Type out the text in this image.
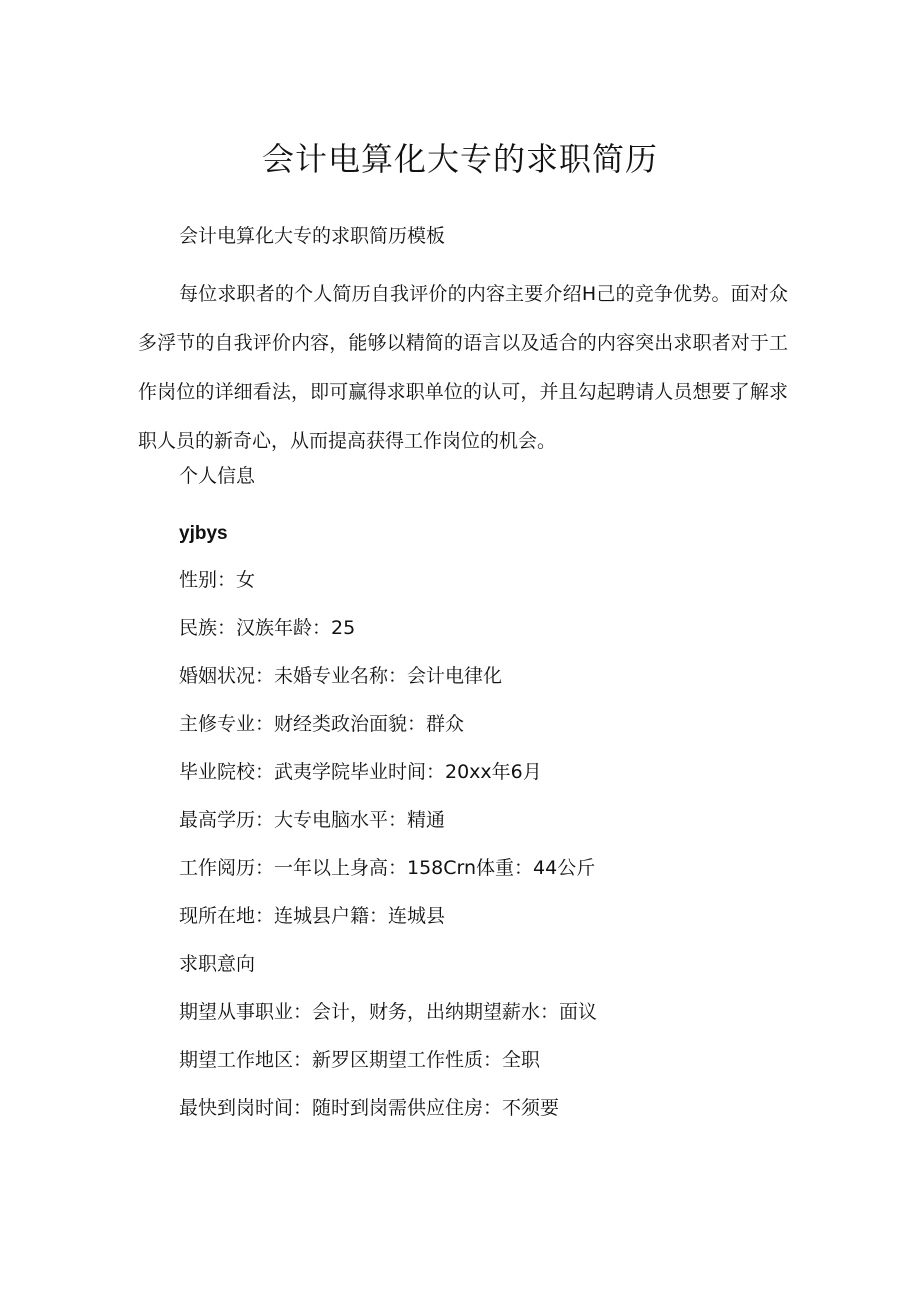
会计电算化大专的求职简历

会计电算化大专的求职简历模板

每位求职者的个人简历自我评价的内容主要介绍H己的竞争优势。面对众多浮节的自我评价内容，能够以精简的语言以及适合的内容突出求职者对于工作岗位的详细看法，即可赢得求职单位的认可，并且勾起聘请人员想要了解求职人员的新奇心，从而提高获得工作岗位的机会。

个人信息

yjbys

性别：女

民族：汉族年龄：25

婚姻状况：未婚专业名称：会计电律化

主修专业：财经类政治面貌：群众

毕业院校：武夷学院毕业时间：20xx年6月

最高学历：大专电脑水平：精通

工作阅历：一年以上身高：158Crn体重：44公斤

现所在地：连城县户籍：连城县

求职意向

期望从事职业：会计，财务，出纳期望薪水：面议

期望工作地区：新罗区期望工作性质：全职

最快到岗时间：随时到岗需供应住房：不须要
